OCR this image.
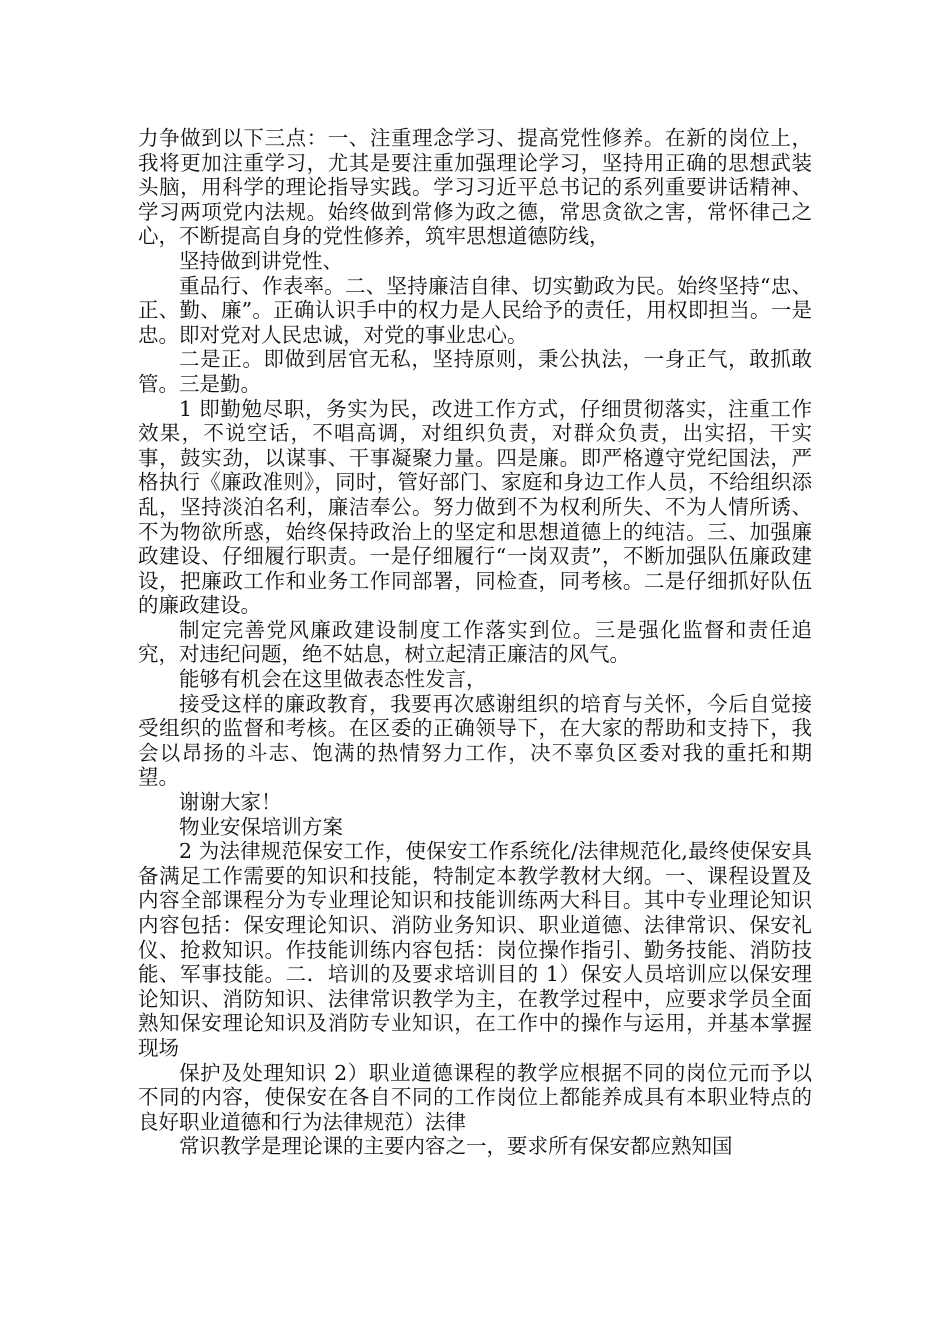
力争做到以下三点：一、注重理念学习、提高党性修养。在新的岗位上，我将更加注重学习，尤其是要注重加强理论学习，坚持用正确的思想武装头脑，用科学的理论指导实践。学习习近平总书记的系列重要讲话精神、学习两项党内法规。始终做到常修为政之德，常思贪欲之害，常怀律己之心，不断提高自身的党性修养，筑牢思想道德防线，

坚持做到讲党性、

重品行、作表率。二、坚持廉洁自律、切实勤政为民。始终坚持“忠、正、勤、廉”。正确认识手中的权力是人民给予的责任，用权即担当。一是忠。即对党对人民忠诚，对党的事业忠心。

二是正。即做到居官无私，坚持原则，秉公执法，一身正气，敢抓敢管。三是勤。

1 即勤勉尽职，务实为民，改进工作方式，仔细贯彻落实，注重工作效果，不说空话，不唱高调，对组织负责，对群众负责，出实招，干实事，鼓实劲，以谋事、干事凝聚力量。四是廉。即严格遵守党纪国法，严格执行《廉政准则》，同时，管好部门、家庭和身边工作人员，不给组织添乱，坚持淡泊名利，廉洁奉公。努力做到不为权利所失、不为人情所诱、不为物欲所惑，始终保持政治上的坚定和思想道德上的纯洁。三、加强廉政建设、仔细履行职责。一是仔细履行“一岗双责”，不断加强队伍廉政建设，把廉政工作和业务工作同部署，同检查，同考核。二是仔细抓好队伍的廉政建设。

制定完善党风廉政建设制度工作落实到位。三是强化监督和责任追究，对违纪问题，绝不姑息，树立起清正廉洁的风气。

能够有机会在这里做表态性发言，

接受这样的廉政教育，我要再次感谢组织的培育与关怀，今后自觉接受组织的监督和考核。在区委的正确领导下，在大家的帮助和支持下，我会以昂扬的斗志、饱满的热情努力工作，决不辜负区委对我的重托和期望。

谢谢大家！

物业安保培训方案

2 为法律规范保安工作，使保安工作系统化/法律规范化,最终使保安具备满足工作需要的知识和技能，特制定本教学教材大纲。一、课程设置及内容全部课程分为专业理论知识和技能训练两大科目。其中专业理论知识内容包括：保安理论知识、消防业务知识、职业道德、法律常识、保安礼仪、抢救知识。作技能训练内容包括：岗位操作指引、勤务技能、消防技能、军事技能。二．培训的及要求培训目的 1）保安人员培训应以保安理论知识、消防知识、法律常识教学为主，在教学过程中，应要求学员全面熟知保安理论知识及消防专业知识，在工作中的操作与运用，并基本掌握现场

保护及处理知识 2）职业道德课程的教学应根据不同的岗位元而予以不同的内容，使保安在各自不同的工作岗位上都能养成具有本职业特点的良好职业道德和行为法律规范）法律

常识教学是理论课的主要内容之一，要求所有保安都应熟知国
